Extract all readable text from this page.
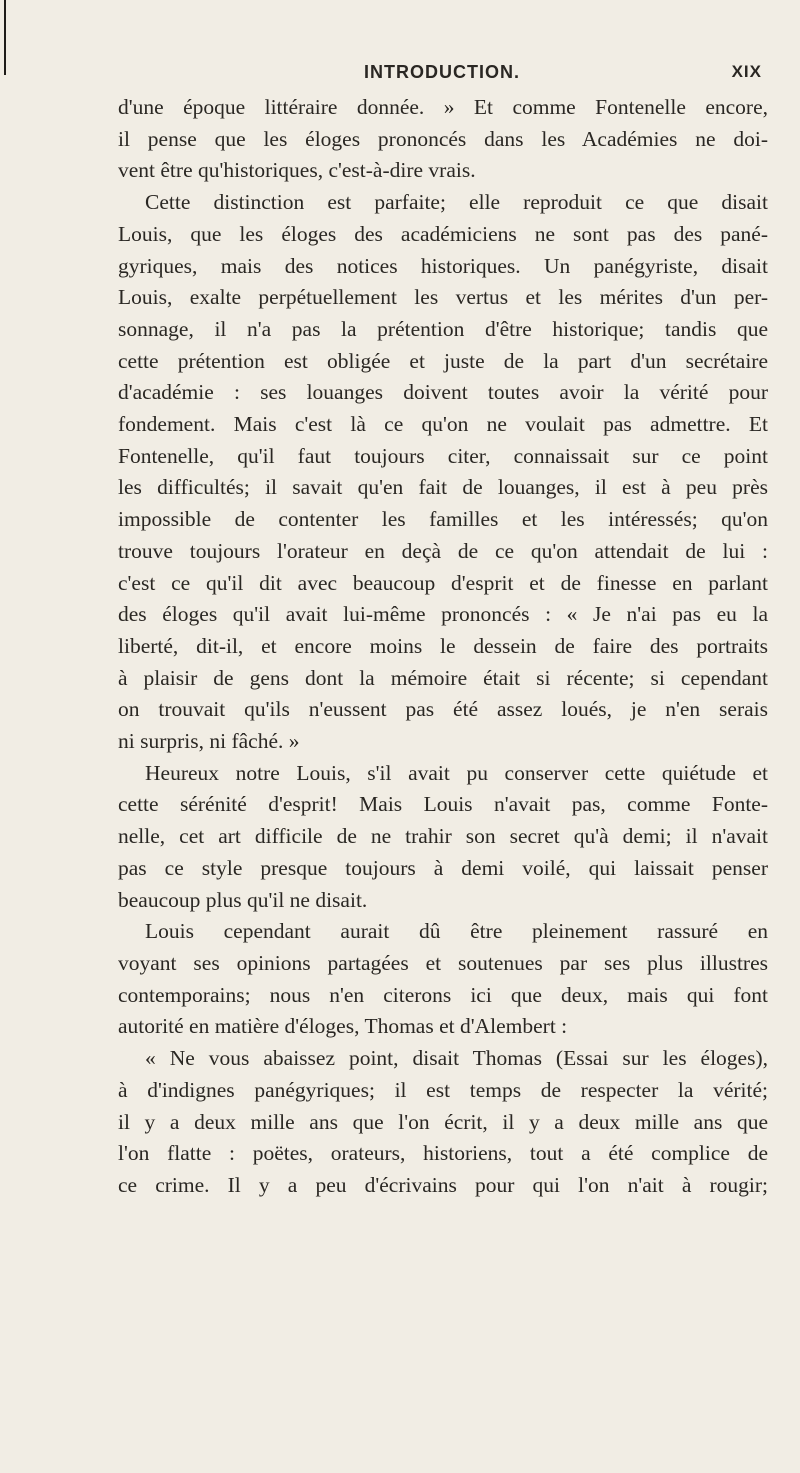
INTRODUCTION.	XIX
d'une époque littéraire donnée. » Et comme Fontenelle encore,
il pense que les éloges prononcés dans les Académies ne doi-
vent être qu'historiques, c'est-à-dire vrais.
Cette distinction est parfaite; elle reproduit ce que disait
Louis, que les éloges des académiciens ne sont pas des pané-
gyriques, mais des notices historiques. Un panégyriste, disait
Louis, exalte perpétuellement les vertus et les mérites d'un per-
sonnage, il n'a pas la prétention d'être historique; tandis que
cette prétention est obligée et juste de la part d'un secrétaire
d'académie : ses louanges doivent toutes avoir la vérité pour
fondement. Mais c'est là ce qu'on ne voulait pas admettre. Et
Fontenelle, qu'il faut toujours citer, connaissait sur ce point
les difficultés; il savait qu'en fait de louanges, il est à peu près
impossible de contenter les familles et les intéressés; qu'on
trouve toujours l'orateur en deçà de ce qu'on attendait de lui :
c'est ce qu'il dit avec beaucoup d'esprit et de finesse en parlant
des éloges qu'il avait lui-même prononcés : « Je n'ai pas eu la
liberté, dit-il, et encore moins le dessein de faire des portraits
à plaisir de gens dont la mémoire était si récente; si cependant
on trouvait qu'ils n'eussent pas été assez loués, je n'en serais
ni surpris, ni fâché. »
Heureux notre Louis, s'il avait pu conserver cette quiétude et
cette sérénité d'esprit! Mais Louis n'avait pas, comme Fonte-
nelle, cet art difficile de ne trahir son secret qu'à demi; il n'avait
pas ce style presque toujours à demi voilé, qui laissait penser
beaucoup plus qu'il ne disait.
Louis cependant aurait dû être pleinement rassuré en
voyant ses opinions partagées et soutenues par ses plus illustres
contemporains; nous n'en citerons ici que deux, mais qui font
autorité en matière d'éloges, Thomas et d'Alembert :
« Ne vous abaissez point, disait Thomas (Essai sur les éloges),
à d'indignes panégyriques; il est temps de respecter la vérité;
il y a deux mille ans que l'on écrit, il y a deux mille ans que
l'on flatte : poëtes, orateurs, historiens, tout a été complice de
ce crime. Il y a peu d'écrivains pour qui l'on n'ait à rougir;
